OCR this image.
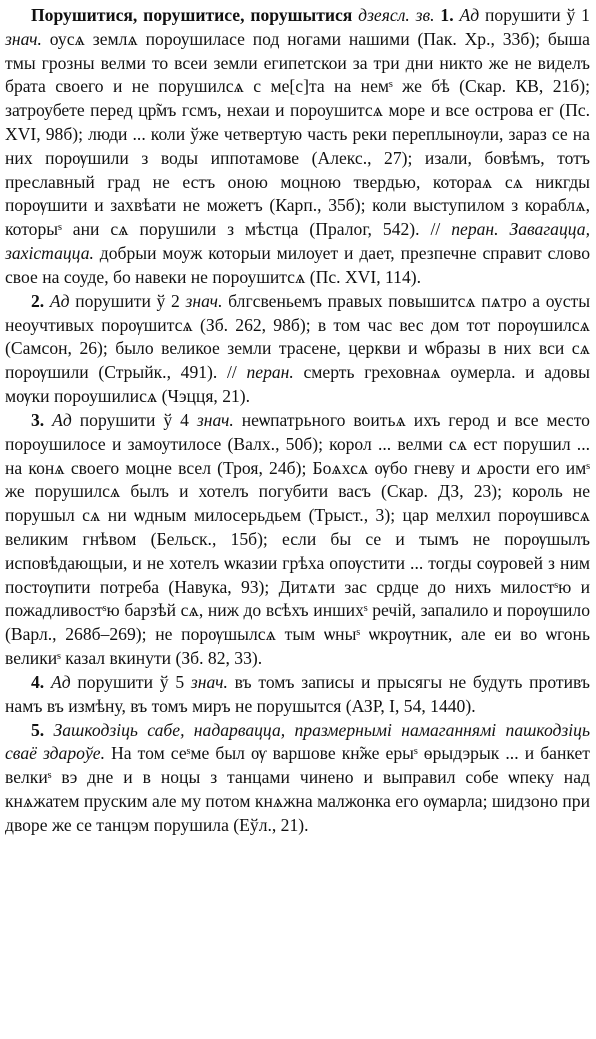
Порушитися, порушитисе, порушытися дзеясл. зв. 1. Ад порушити ў 1 знач. оусѧ землѧ пороушиласе под ногами нашими (Пак. Хр., 33б); быша тмы грозны велми то всеи земли египетскои за три дни никто же не виделъ брата своего и не порушилсѧ с ме[с]та на немˢ же бѣ (Скар. КВ, 21б); затроубете перед цр̃мъ гсмъ, нехаи и пороушитсѧ море и все острова ег (Пс. XVI, 98б); люди ... коли ўже четвертую часть реки переплынѹли, зараз се на них порѹшили з воды иппотамове (Алекс., 27); изали, бовѣмъ, тотъ преславный град не естъ оною моцною твердью, котораѧ сѧ никгды порѹшити и захвѣати не можетъ (Карп., 35б); коли выступилом з кораблѧ, которыˢ ани сѧ порушили з мѣстца (Пралог, 542). // перан. Завагацца, захістацца. добрыи моуж которыи милоует и дает, презпечне справит слово свое на соуде, бо навеки не пороушитсѧ (Пс. XVI, 114).

2. Ад порушити ў 2 знач. блгсвеньемъ правых повышитсѧ пѧтро а оусты неоучтивых порѹшитсѧ (Зб. 262, 98б); в том час вес дом тот порѹшилсѧ (Самсон, 26); было великое земли трасене, церкви и ѡбразы в них вси сѧ порѹшили (Стрыйк., 491). // перан. смерть греховнаѧ оумерла. и адовы мѹки пороушилисѧ (Чэцця, 21).

3. Ад порушити ў 4 знач. неѡпатрьного воитьѧ ихъ герод и все место пороушилосе и замоутилосе (Валх., 50б); корол ... велми сѧ ест порушил ... на конѧ своего моцне всел (Троя, 24б); Боѧхсѧ ѹбо гневу и ѧрости его имˢ же порушилсѧ былъ и хотелъ погубити васъ (Скар. ДЗ, 23); король не порушыл сѧ ни ѡдным милосерьдьем (Трыст., 3); цар мелхил порѹшивсѧ великим гнѣвом (Бельск., 15б); если бы се и тымъ не порѹшылъ исповѣдающыи, и не хотелъ ѡказии грѣха опѹстити ... тогды сѹровей з ним постѹпити потреба (Навука, 93); Дитѧти зас срдце до нихъ милостˢю и пожадливостˢю барзѣй сѧ, ниж до всѣхъ иншихˢ речій, запалило и порѹшило (Варл., 268б–269); не порѹшылсѧ тым ѡныˢ ѡкрѹтник, але еи во ѡгонь великиˢ казал вкинути (Зб. 82, 33).

4. Ад порушити ў 5 знач. въ томъ записы и прысягы не будуть противъ намъ въ измѣну, въ томъ миръ не порушытся (АЗР, I, 54, 1440).

5. Зашкодзіць сабе, надарвацца, празмернымі намаганнямі пашкодзіць сваё здароўе. На том сеˢме был ѹ варшове кн̃же ерыˢ ѳрыдэрык ... и банкет велкиˢ вэ дне и в ноцы з танцами чинено и выправил собе ѡпеку над кнѧжатем пруским але му потом кнѧжна малжонка его ѹмарла; шидзоно при дворе же се танцэм порушила (Еўл., 21).
